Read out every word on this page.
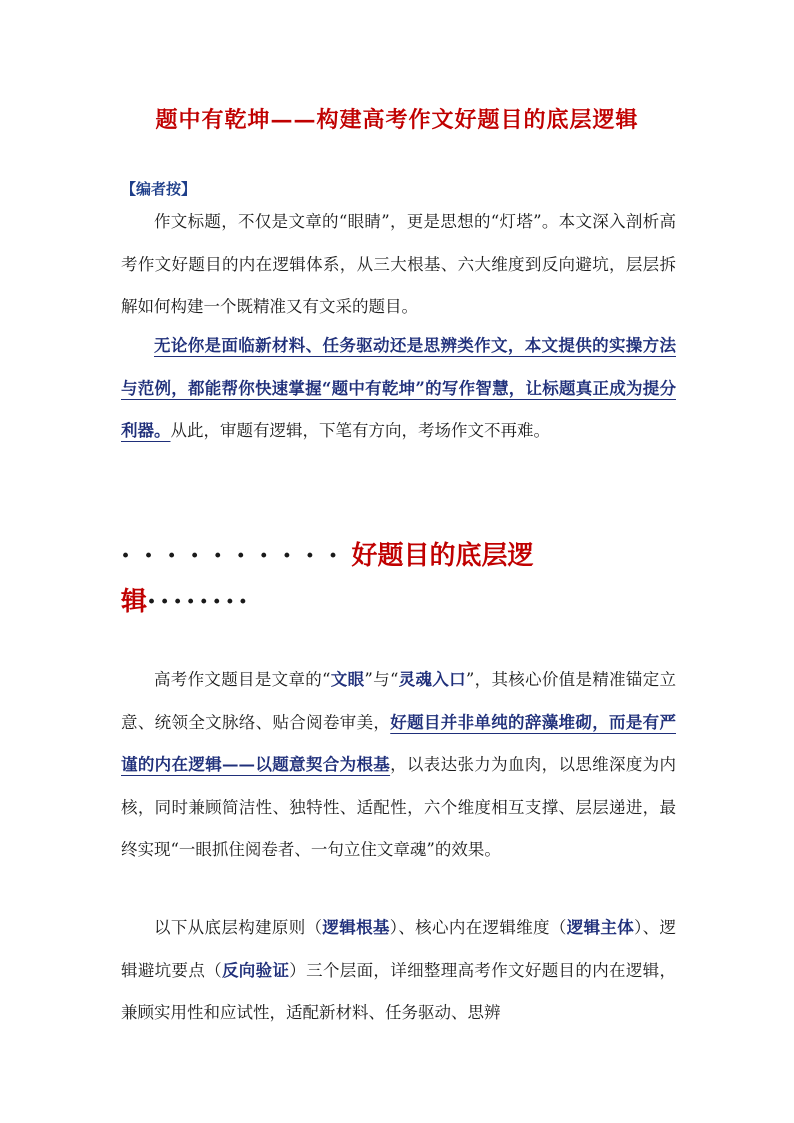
题中有乾坤——构建高考作文好题目的底层逻辑
【编者按】
作文标题，不仅是文章的“眼睛”，更是思想的“灯塔”。本文深入剖析高考作文好题目的内在逻辑体系，从三大根基、六大维度到反向避坑，层层拆解如何构建一个既精准又有文采的题目。
无论你是面临新材料、任务驱动还是思辨类作文，本文提供的实操方法与范例，都能帮你快速掌握“题中有乾坤”的写作智慧，让标题真正成为提分利器。从此，审题有逻辑，下笔有方向，考场作文不再难。
··········好题目的底层逻
辑········
高考作文题目是文章的“文眼”与“灵魂入口”，其核心价值是精准锚定立意、统领全文脉络、贴合阅卷审美，好题目并非单纯的辞藻堆砌，而是有严谨的内在逻辑——以题意契合为根基，以表达张力为血肉，以思维深度为内核，同时兼顾简洁性、独特性、适配性，六个维度相互支撑、层层递进，最终实现“一眼抓住阅卷者、一句立住文章魂”的效果。
以下从底层构建原则（逻辑根基）、核心内在逻辑维度（逻辑主体）、逻辑避坑要点（反向验证）三个层面，详细整理高考作文好题目的内在逻辑，兼顾实用性和应试性，适配新材料、任务驱动、思辨
